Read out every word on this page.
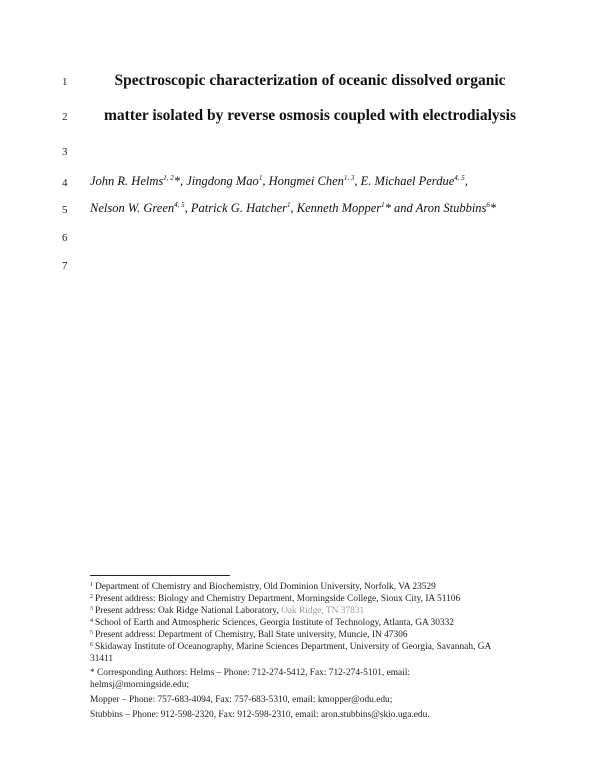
1
2
3
4
5
6
7
Spectroscopic characterization of oceanic dissolved organic
matter isolated by reverse osmosis coupled with electrodialysis
John R. Helms$^{1, 2}$*, Jingdong Mao$^1$, Hongmei Chen$^{1, 3}$, E. Michael Perdue$^{4, 5}$,
Nelson W. Green$^{4, 5}$, Patrick G. Hatcher$^1$, Kenneth Mopper$^1$* and Aron Stubbins$^6$*
$^1$ Department of Chemistry and Biochemistry, Old Dominion University, Norfolk, VA 23529
$^2$ Present address: Biology and Chemistry Department, Morningside College, Sioux City, IA 51106
$^3$ Present address: Oak Ridge National Laboratory, Oak Ridge, TN 37831
$^4$ School of Earth and Atmospheric Sciences, Georgia Institute of Technology, Atlanta, GA 30332
$^5$ Present address: Department of Chemistry, Ball State university, Muncie, IN 47306
$^6$ Skidaway Institute of Oceanography, Marine Sciences Department, University of Georgia, Savannah, GA
31411
* Corresponding Authors: Helms – Phone: 712-274-5412, Fax: 712-274-5101, email:
helmsj@morningside.edu;
Mopper – Phone: 757-683-4094, Fax: 757-683-5310, email: kmopper@odu.edu;
Stubbins – Phone: 912-598-2320, Fax: 912-598-2310, email: aron.stubbins@skio.uga.edu.
